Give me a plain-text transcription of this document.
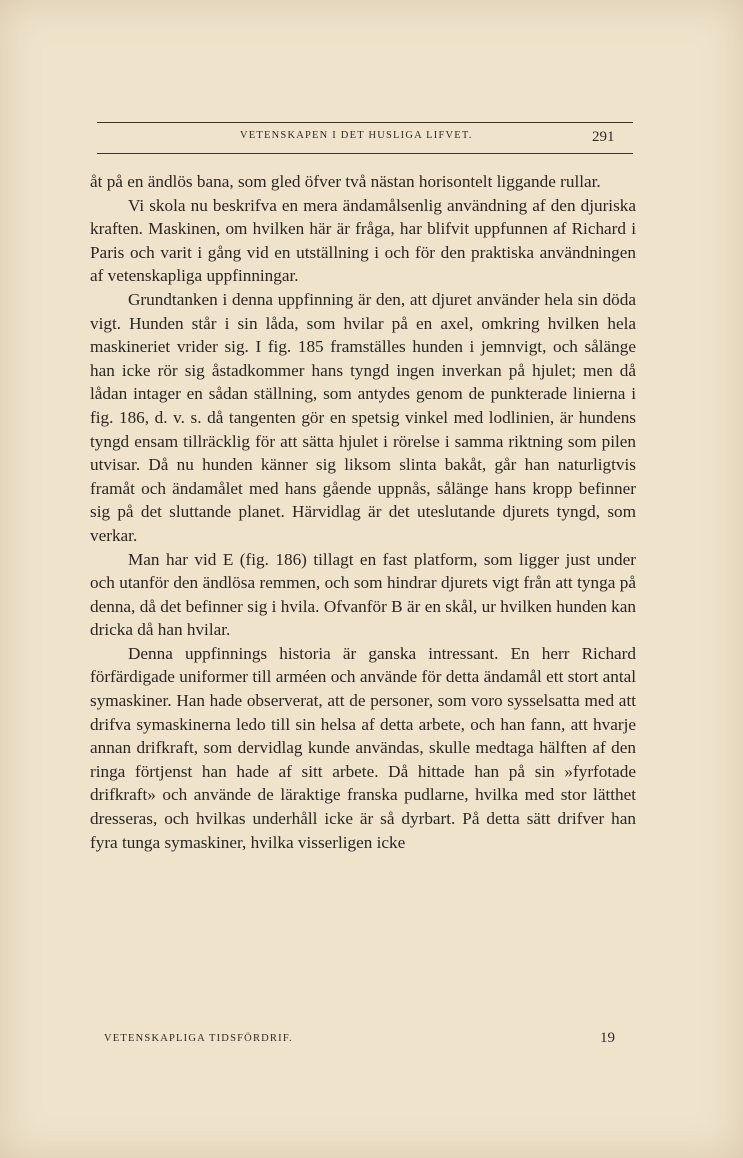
VETENSKAPEN I DET HUSLIGA LIFVET.	291

åt på en ändlös bana, som gled öfver två nästan horisontelt liggande rullar.

Vi skola nu beskrifva en mera ändamålsenlig användning af den djuriska kraften. Maskinen, om hvilken här är fråga, har blifvit uppfunnen af Richard i Paris och varit i gång vid en utställning i och för den praktiska användningen af vetenskapliga uppfinningar.

Grundtanken i denna uppfinning är den, att djuret använder hela sin döda vigt. Hunden står i sin låda, som hvilar på en axel, omkring hvilken hela maskineriet vrider sig. I fig. 185 framställes hunden i jemnvigt, och sålänge han icke rör sig åstadkommer hans tyngd ingen inverkan på hjulet; men då lådan intager en sådan ställning, som antydes genom de punkterade linierna i fig. 186, d. v. s. då tangenten gör en spetsig vinkel med lodlinien, är hundens tyngd ensam tillräcklig för att sätta hjulet i rörelse i samma riktning som pilen utvisar. Då nu hunden känner sig liksom slinta bakåt, går han naturligtvis framåt och ändamålet med hans gående uppnås, sålänge hans kropp befinner sig på det sluttande planet. Härvidlag är det uteslutande djurets tyngd, som verkar.

Man har vid E (fig. 186) tillagt en fast platform, som ligger just under och utanför den ändlösa remmen, och som hindrar djurets vigt från att tynga på denna, då det befinner sig i hvila. Ofvanför B är en skål, ur hvilken hunden kan dricka då han hvilar.

Denna uppfinnings historia är ganska intressant. En herr Richard förfärdigade uniformer till arméen och använde för detta ändamål ett stort antal symaskiner. Han hade observerat, att de personer, som voro sysselsatta med att drifva symaskinerna ledo till sin helsa af detta arbete, och han fann, att hvarje annan drifkraft, som dervidlag kunde användas, skulle medtaga hälften af den ringa förtjenst han hade af sitt arbete. Då hittade han på sin »fyrfotade drifkraft» och använde de läraktige franska pudlarne, hvilka med stor lätthet dresseras, och hvilkas underhåll icke är så dyrbart. På detta sätt drifver han fyra tunga symaskiner, hvilka visserligen icke

VETENSKAPLIGA TIDSFÖRDRIF.	19
